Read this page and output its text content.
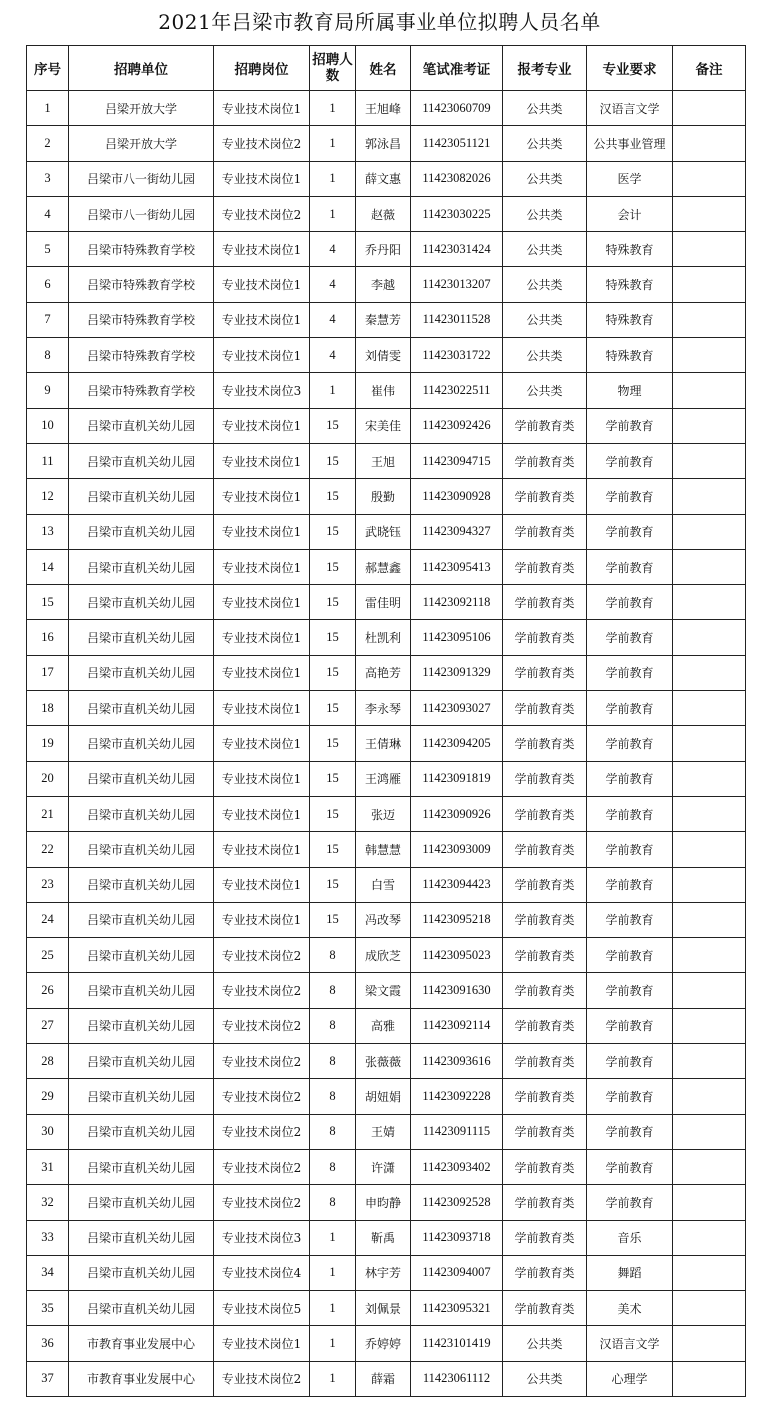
2021年吕梁市教育局所属事业单位拟聘人员名单
序号	招聘单位	招聘岗位	招聘人数	姓名	笔试准考证	报考专业	专业要求	备注
1	吕梁开放大学	专业技术岗位1	1	王旭峰	11423060709	公共类	汉语言文学	
2	吕梁开放大学	专业技术岗位2	1	郭泳昌	11423051121	公共类	公共事业管理	
3	吕梁市八一街幼儿园	专业技术岗位1	1	薛文惠	11423082026	公共类	医学	
4	吕梁市八一街幼儿园	专业技术岗位2	1	赵薇	11423030225	公共类	会计	
5	吕梁市特殊教育学校	专业技术岗位1	4	乔丹阳	11423031424	公共类	特殊教育	
6	吕梁市特殊教育学校	专业技术岗位1	4	李越	11423013207	公共类	特殊教育	
7	吕梁市特殊教育学校	专业技术岗位1	4	秦慧芳	11423011528	公共类	特殊教育	
8	吕梁市特殊教育学校	专业技术岗位1	4	刘倩雯	11423031722	公共类	特殊教育	
9	吕梁市特殊教育学校	专业技术岗位3	1	崔伟	11423022511	公共类	物理	
10	吕梁市直机关幼儿园	专业技术岗位1	15	宋美佳	11423092426	学前教育类	学前教育	
11	吕梁市直机关幼儿园	专业技术岗位1	15	王旭	11423094715	学前教育类	学前教育	
12	吕梁市直机关幼儿园	专业技术岗位1	15	殷勤	11423090928	学前教育类	学前教育	
13	吕梁市直机关幼儿园	专业技术岗位1	15	武晓钰	11423094327	学前教育类	学前教育	
14	吕梁市直机关幼儿园	专业技术岗位1	15	郝慧鑫	11423095413	学前教育类	学前教育	
15	吕梁市直机关幼儿园	专业技术岗位1	15	雷佳明	11423092118	学前教育类	学前教育	
16	吕梁市直机关幼儿园	专业技术岗位1	15	杜凯利	11423095106	学前教育类	学前教育	
17	吕梁市直机关幼儿园	专业技术岗位1	15	高艳芳	11423091329	学前教育类	学前教育	
18	吕梁市直机关幼儿园	专业技术岗位1	15	李永琴	11423093027	学前教育类	学前教育	
19	吕梁市直机关幼儿园	专业技术岗位1	15	王倩琳	11423094205	学前教育类	学前教育	
20	吕梁市直机关幼儿园	专业技术岗位1	15	王鸿雁	11423091819	学前教育类	学前教育	
21	吕梁市直机关幼儿园	专业技术岗位1	15	张迈	11423090926	学前教育类	学前教育	
22	吕梁市直机关幼儿园	专业技术岗位1	15	韩慧慧	11423093009	学前教育类	学前教育	
23	吕梁市直机关幼儿园	专业技术岗位1	15	白雪	11423094423	学前教育类	学前教育	
24	吕梁市直机关幼儿园	专业技术岗位1	15	冯改琴	11423095218	学前教育类	学前教育	
25	吕梁市直机关幼儿园	专业技术岗位2	8	成欣芝	11423095023	学前教育类	学前教育	
26	吕梁市直机关幼儿园	专业技术岗位2	8	梁文霞	11423091630	学前教育类	学前教育	
27	吕梁市直机关幼儿园	专业技术岗位2	8	高雅	11423092114	学前教育类	学前教育	
28	吕梁市直机关幼儿园	专业技术岗位2	8	张薇薇	11423093616	学前教育类	学前教育	
29	吕梁市直机关幼儿园	专业技术岗位2	8	胡妞娟	11423092228	学前教育类	学前教育	
30	吕梁市直机关幼儿园	专业技术岗位2	8	王婧	11423091115	学前教育类	学前教育	
31	吕梁市直机关幼儿园	专业技术岗位2	8	许潇	11423093402	学前教育类	学前教育	
32	吕梁市直机关幼儿园	专业技术岗位2	8	申昀静	11423092528	学前教育类	学前教育	
33	吕梁市直机关幼儿园	专业技术岗位3	1	靳禹	11423093718	学前教育类	音乐	
34	吕梁市直机关幼儿园	专业技术岗位4	1	林宇芳	11423094007	学前教育类	舞蹈	
35	吕梁市直机关幼儿园	专业技术岗位5	1	刘佩景	11423095321	学前教育类	美术	
36	市教育事业发展中心	专业技术岗位1	1	乔婷婷	11423101419	公共类	汉语言文学	
37	市教育事业发展中心	专业技术岗位2	1	薛霜	11423061112	公共类	心理学	
